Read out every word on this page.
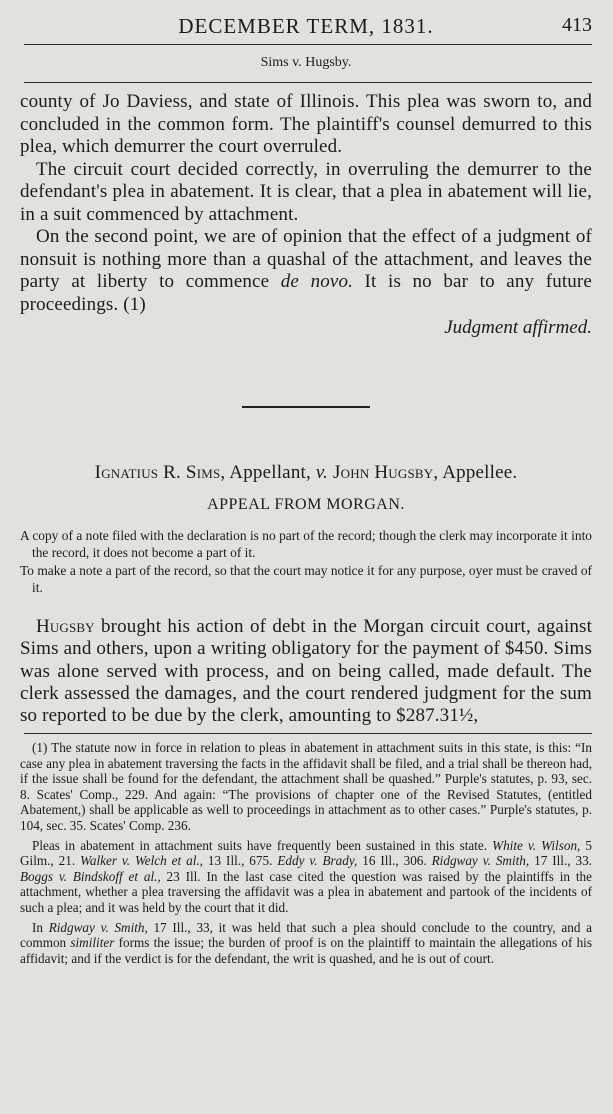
DECEMBER TERM, 1831.	413
Sims v. Hugsby.

county of Jo Daviess, and state of Illinois. This plea was sworn to, and concluded in the common form. The plaintiff's counsel demurred to this plea, which demurrer the court overruled.

The circuit court decided correctly, in overruling the demurrer to the defendant's plea in abatement. It is clear, that a plea in abatement will lie, in a suit commenced by attachment.

On the second point, we are of opinion that the effect of a judgment of nonsuit is nothing more than a quashal of the attachment, and leaves the party at liberty to commence de novo. It is no bar to any future proceedings. (1)

Judgment affirmed.

Ignatius R. Sims, Appellant, v. John Hugsby, Appellee.
APPEAL FROM MORGAN.

A copy of a note filed with the declaration is no part of the record; though the clerk may incorporate it into the record, it does not become a part of it.

To make a note a part of the record, so that the court may notice it for any purpose, oyer must be craved of it.

Hugsby brought his action of debt in the Morgan circuit court, against Sims and others, upon a writing obligatory for the payment of $450. Sims was alone served with process, and on being called, made default. The clerk assessed the damages, and the court rendered judgment for the sum so reported to be due by the clerk, amounting to $287.31½,

(1) The statute now in force in relation to pleas in abatement in attachment suits in this state, is this: “In case any plea in abatement traversing the facts in the affidavit shall be filed, and a trial shall be thereon had, if the issue shall be found for the defendant, the attachment shall be quashed.” Purple's statutes, p. 93, sec. 8. Scates' Comp., 229. And again: “The provisions of chapter one of the Revised Statutes, (entitled Abatement,) shall be applicable as well to proceedings in attachment as to other cases.” Purple's statutes, p. 104, sec. 35. Scates' Comp. 236.

Pleas in abatement in attachment suits have frequently been sustained in this state. White v. Wilson, 5 Gilm., 21. Walker v. Welch et al., 13 Ill., 675. Eddy v. Brady, 16 Ill., 306. Ridgway v. Smith, 17 Ill., 33. Boggs v. Bindskoff et al., 23 Ill. In the last case cited the question was raised by the plaintiffs in the attachment, whether a plea traversing the affidavit was a plea in abatement and partook of the incidents of such a plea; and it was held by the court that it did.

In Ridgway v. Smith, 17 Ill., 33, it was held that such a plea should conclude to the country, and a common similiter forms the issue; the burden of proof is on the plaintiff to maintain the allegations of his affidavit; and if the verdict is for the defendant, the writ is quashed, and he is out of court.
